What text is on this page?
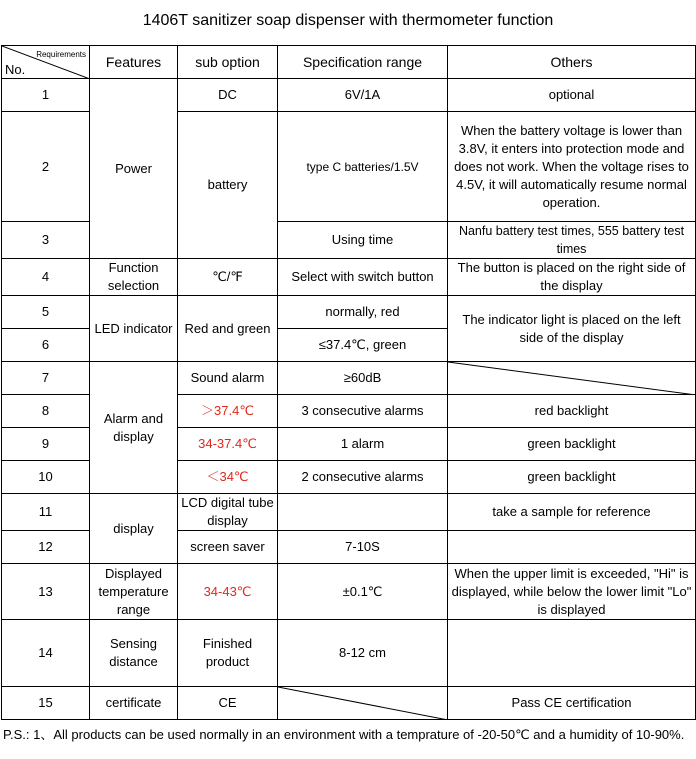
1406T sanitizer soap dispenser with thermometer function
Requirements
No.	Features	sub option	Specification range	Others
1	Power	DC	6V/1A	optional
2		battery	type C batteries/1.5V	When the battery voltage is lower than 3.8V, it enters into protection mode and does not work. When the voltage rises to 4.5V, it will automatically resume normal operation.
3			Using time	Nanfu battery test times, 555 battery test times
4	Function selection	℃/℉	Select with switch button	The button is placed on the right side of the display
5	LED indicator	Red and green	normally, red	The indicator light is placed on the left side of the display
6			≤37.4℃, green	
7	Alarm and display	Sound alarm	≥60dB	

8		＞37.4℃	3 consecutive alarms	red backlight
9		34-37.4℃	1 alarm	green backlight
10		＜34℃	2 consecutive alarms	green backlight
11	display	LCD digital tube display		take a sample for reference
12		screen saver	7-10S	
13	Displayed temperature range	34-43℃	±0.1℃	When the upper limit is exceeded, "Hi" is displayed, while below the lower limit "Lo" is displayed
14	Sensing distance	Finished product	8-12 cm	
15	certificate	CE		Pass CE certification
P.S.: 1、All products can be used normally in an environment with a temprature of -20-50℃ and a humidity of 10-90%.
